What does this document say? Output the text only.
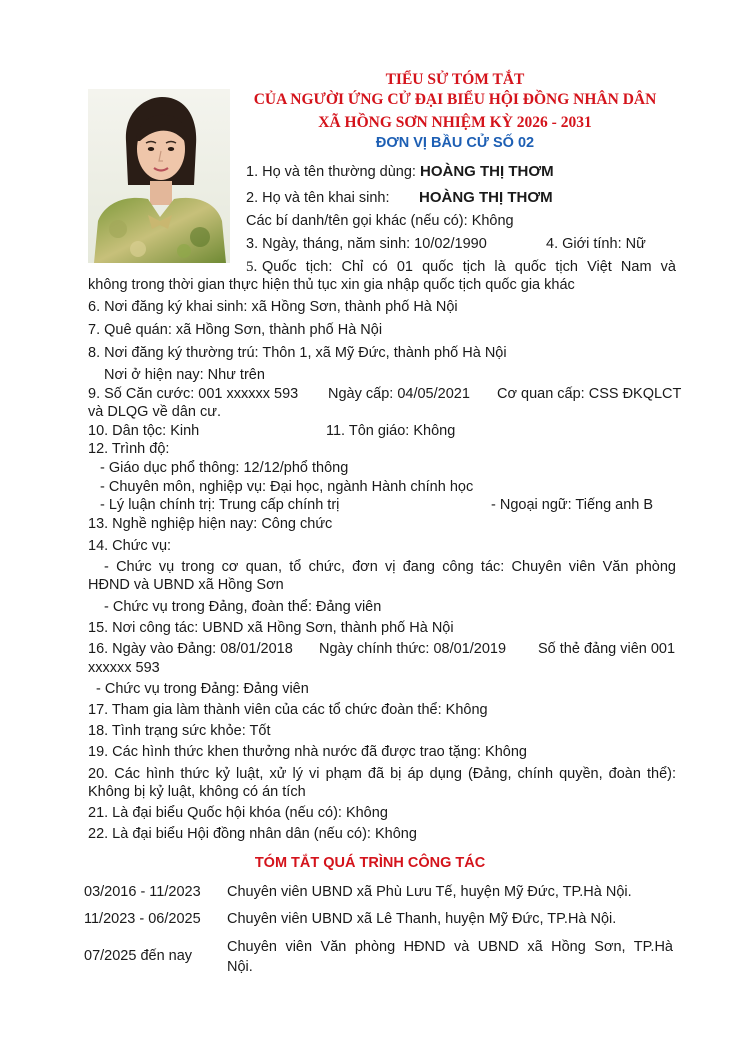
TIỂU SỬ TÓM TẮT
CỦA NGƯỜI ỨNG CỬ ĐẠI BIỂU HỘI ĐỒNG NHÂN DÂN
XÃ HỒNG SƠN NHIỆM KỲ 2026 - 2031
ĐƠN VỊ BẦU CỬ SỐ 02
1. Họ và tên thường dùng: HOÀNG THỊ THƠM
2. Họ và tên khai sinh: HOÀNG THỊ THƠM
Các bí danh/tên gọi khác (nếu có): Không
3. Ngày, tháng, năm sinh: 10/02/1990	4. Giới tính: Nữ
5. Quốc tịch: Chỉ có 01 quốc tịch là quốc tịch Việt Nam và
không trong thời gian thực hiện thủ tục xin gia nhập quốc tịch quốc gia khác
6. Nơi đăng ký khai sinh: xã Hồng Sơn, thành phố Hà Nội
7. Quê quán: xã Hồng Sơn, thành phố Hà Nội
8. Nơi đăng ký thường trú: Thôn 1, xã Mỹ Đức, thành phố Hà Nội
Nơi ở hiện nay: Như trên
9. Số Căn cước: 001 xxxxxx 593 Ngày cấp: 04/05/2021 Cơ quan cấp: CSS ĐKQLCT
và DLQG về dân cư.
10. Dân tộc: Kinh	11. Tôn giáo: Không
12. Trình độ:
- Giáo dục phổ thông: 12/12/phổ thông
- Chuyên môn, nghiệp vụ: Đại học, ngành Hành chính học
- Lý luận chính trị: Trung cấp chính trị	- Ngoại ngữ: Tiếng anh B
13. Nghề nghiệp hiện nay: Công chức
14. Chức vụ:
- Chức vụ trong cơ quan, tổ chức, đơn vị đang công tác: Chuyên viên Văn phòng
HĐND và UBND xã Hồng Sơn
- Chức vụ trong Đảng, đoàn thể: Đảng viên
15. Nơi công tác: UBND xã Hồng Sơn, thành phố Hà Nội
16. Ngày vào Đảng: 08/01/2018 Ngày chính thức: 08/01/2019 Số thẻ đảng viên 001
xxxxxx 593
- Chức vụ trong Đảng: Đảng viên
17. Tham gia làm thành viên của các tổ chức đoàn thể: Không
18. Tình trạng sức khỏe: Tốt
19. Các hình thức khen thưởng nhà nước đã được trao tặng: Không
20. Các hình thức kỷ luật, xử lý vi phạm đã bị áp dụng (Đảng, chính quyền, đoàn thể):
Không bị kỷ luật, không có án tích
21. Là đại biểu Quốc hội khóa (nếu có): Không
22. Là đại biểu Hội đồng nhân dân (nếu có): Không
TÓM TẮT QUÁ TRÌNH CÔNG TÁC
03/2016 - 11/2023 Chuyên viên UBND xã Phù Lưu Tế, huyện Mỹ Đức, TP.Hà Nội.
11/2023 - 06/2025 Chuyên viên UBND xã Lê Thanh, huyện Mỹ Đức, TP.Hà Nội.
07/2025 đến nay
Chuyên viên Văn phòng HĐND và UBND xã Hồng Sơn, TP.Hà
Nội.
